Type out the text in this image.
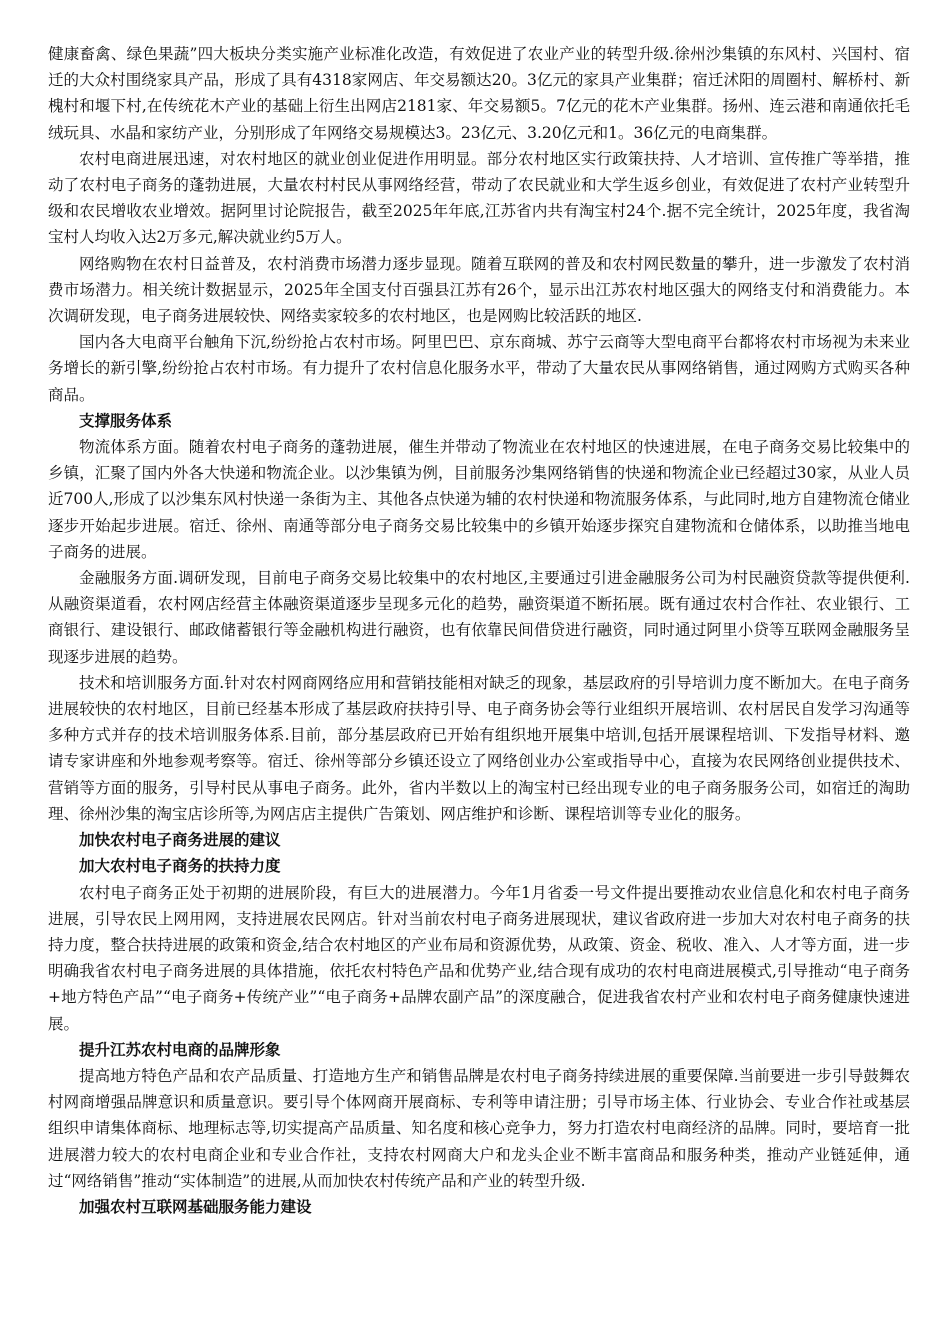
健康畜禽、绿色果蔬”四大板块分类实施产业标准化改造，有效促进了农业产业的转型升级.徐州沙集镇的东风村、兴国村、宿迁的大众村围绕家具产品，形成了具有4318家网店、年交易额达20。3亿元的家具产业集群；宿迁沭阳的周圈村、解桥村、新槐村和堰下村,在传统花木产业的基础上衍生出网店2181家、年交易额5。7亿元的花木产业集群。扬州、连云港和南通依托毛绒玩具、水晶和家纺产业，分别形成了年网络交易规模达3。23亿元、3.20亿元和1。36亿元的电商集群。

农村电商进展迅速，对农村地区的就业创业促进作用明显。部分农村地区实行政策扶持、人才培训、宣传推广等举措，推动了农村电子商务的蓬勃进展，大量农村村民从事网络经营，带动了农民就业和大学生返乡创业，有效促进了农村产业转型升级和农民增收农业增效。据阿里讨论院报告，截至2025年年底,江苏省内共有淘宝村24个.据不完全统计，2025年度，我省淘宝村人均收入达2万多元,解决就业约5万人。

网络购物在农村日益普及，农村消费市场潜力逐步显现。随着互联网的普及和农村网民数量的攀升，进一步激发了农村消费市场潜力。相关统计数据显示，2025年全国支付百强县江苏有26个，显示出江苏农村地区强大的网络支付和消费能力。本次调研发现，电子商务进展较快、网络卖家较多的农村地区，也是网购比较活跃的地区.

国内各大电商平台触角下沉,纷纷抢占农村市场。阿里巴巴、京东商城、苏宁云商等大型电商平台都将农村市场视为未来业务增长的新引擎,纷纷抢占农村市场。有力提升了农村信息化服务水平，带动了大量农民从事网络销售，通过网购方式购买各种商品。

支撑服务体系

物流体系方面。随着农村电子商务的蓬勃进展，催生并带动了物流业在农村地区的快速进展，在电子商务交易比较集中的乡镇，汇聚了国内外各大快递和物流企业。以沙集镇为例，目前服务沙集网络销售的快递和物流企业已经超过30家，从业人员近700人,形成了以沙集东风村快递一条街为主、其他各点快递为辅的农村快递和物流服务体系，与此同时,地方自建物流仓储业逐步开始起步进展。宿迁、徐州、南通等部分电子商务交易比较集中的乡镇开始逐步探究自建物流和仓储体系，以助推当地电子商务的进展。

金融服务方面.调研发现，目前电子商务交易比较集中的农村地区,主要通过引进金融服务公司为村民融资贷款等提供便利.从融资渠道看，农村网店经营主体融资渠道逐步呈现多元化的趋势，融资渠道不断拓展。既有通过农村合作社、农业银行、工商银行、建设银行、邮政储蓄银行等金融机构进行融资，也有依靠民间借贷进行融资，同时通过阿里小贷等互联网金融服务呈现逐步进展的趋势。

技术和培训服务方面.针对农村网商网络应用和营销技能相对缺乏的现象，基层政府的引导培训力度不断加大。在电子商务进展较快的农村地区，目前已经基本形成了基层政府扶持引导、电子商务协会等行业组织开展培训、农村居民自发学习沟通等多种方式并存的技术培训服务体系.目前，部分基层政府已开始有组织地开展集中培训,包括开展课程培训、下发指导材料、邀请专家讲座和外地参观考察等。宿迁、徐州等部分乡镇还设立了网络创业办公室或指导中心，直接为农民网络创业提供技术、营销等方面的服务，引导村民从事电子商务。此外，省内半数以上的淘宝村已经出现专业的电子商务服务公司，如宿迁的淘助理、徐州沙集的淘宝店诊所等,为网店店主提供广告策划、网店维护和诊断、课程培训等专业化的服务。

加快农村电子商务进展的建议
加大农村电子商务的扶持力度

农村电子商务正处于初期的进展阶段，有巨大的进展潜力。今年1月省委一号文件提出要推动农业信息化和农村电子商务进展，引导农民上网用网，支持进展农民网店。针对当前农村电子商务进展现状，建议省政府进一步加大对农村电子商务的扶持力度，整合扶持进展的政策和资金,结合农村地区的产业布局和资源优势，从政策、资金、税收、准入、人才等方面，进一步明确我省农村电子商务进展的具体措施，依托农村特色产品和优势产业,结合现有成功的农村电商进展模式,引导推动“电子商务+地方特色产品”“电子商务+传统产业”“电子商务+品牌农副产品”的深度融合，促进我省农村产业和农村电子商务健康快速进展。

提升江苏农村电商的品牌形象

提高地方特色产品和农产品质量、打造地方生产和销售品牌是农村电子商务持续进展的重要保障.当前要进一步引导鼓舞农村网商增强品牌意识和质量意识。要引导个体网商开展商标、专利等申请注册；引导市场主体、行业协会、专业合作社或基层组织申请集体商标、地理标志等,切实提高产品质量、知名度和核心竞争力，努力打造农村电商经济的品牌。同时，要培育一批进展潜力较大的农村电商企业和专业合作社，支持农村网商大户和龙头企业不断丰富商品和服务种类，推动产业链延伸，通过“网络销售”推动“实体制造”的进展,从而加快农村传统产品和产业的转型升级.

加强农村互联网基础服务能力建设
